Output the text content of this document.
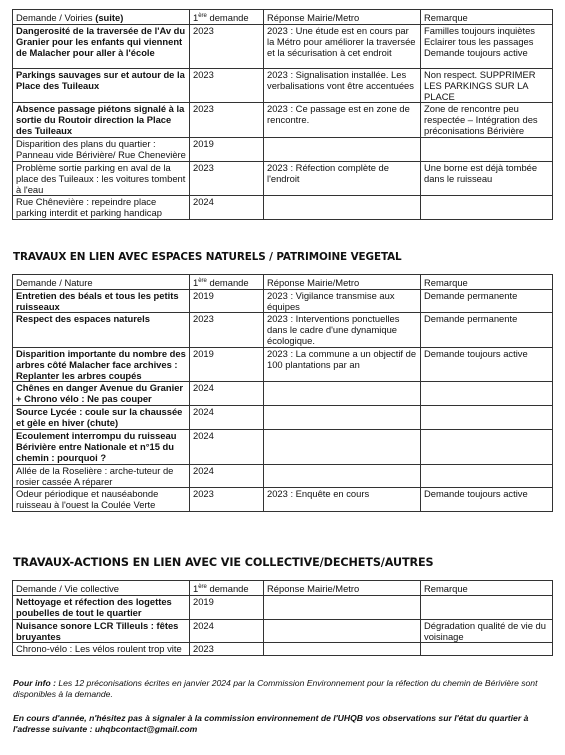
Demande / Voiries (suite)	1ère demande	Réponse Mairie/Metro	Remarque
Dangerosité de la traversée de l'Av du Granier pour les enfants qui viennent de Malacher pour aller à l'école	2023	2023 : Une étude est en cours par la Métro pour améliorer la traversée et la sécurisation à cet endroit	Familles toujours inquiètes Eclairer tous les passages Demande toujours active
Parkings sauvages sur et autour de la Place des Tuileaux	2023	2023 : Signalisation installée. Les verbalisations vont être accentuées	Non respect. SUPPRIMER LES PARKINGS SUR LA PLACE
Absence passage piétons signalé à la sortie du Routoir direction la Place des Tuileaux	2023	2023 : Ce passage est en zone de rencontre.	Zone de rencontre peu respectée – Intégration des préconisations Bérivière
Disparition des plans du quartier : Panneau vide Bérivière/ Rue Chenevière	2019		
Problème sortie parking en aval de la place des Tuileaux : les voitures tombent à l'eau	2023	2023 : Réfection complète de l'endroit	Une borne est déjà tombée dans le ruisseau
Rue Chênevière : repeindre place parking interdit et parking handicap	2024		
TRAVAUX EN LIEN AVEC ESPACES NATURELS / PATRIMOINE VEGETAL
Demande / Nature	1ère demande	Réponse Mairie/Metro	Remarque
Entretien des béals et tous les petits ruisseaux	2019	2023 : Vigilance transmise aux équipes	Demande permanente
Respect des espaces naturels	2023	2023 : Interventions ponctuelles dans le cadre d'une dynamique écologique.	Demande permanente
Disparition importante du nombre des arbres côté Malacher face archives : Replanter les arbres coupés	2019	2023 : La commune a un objectif de 100 plantations par an	Demande toujours active
Chênes en danger Avenue du Granier + Chrono vélo : Ne pas couper	2024		
Source Lycée : coule sur la chaussée et gèle en hiver (chute)	2024		
Ecoulement interrompu du ruisseau Bérivière entre Nationale et n°15 du chemin : pourquoi ?	2024		
Allée de la Roselière : arche-tuteur de rosier cassée A réparer	2024		
Odeur périodique et nauséabonde ruisseau à l'ouest la Coulée Verte	2023	2023 : Enquête en cours	Demande toujours active
TRAVAUX-ACTIONS EN LIEN AVEC VIE COLLECTIVE/DECHETS/AUTRES
Demande / Vie collective	1ère demande	Réponse Mairie/Metro	Remarque
Nettoyage et réfection des logettes poubelles de tout le quartier	2019		
Nuisance sonore LCR Tilleuls : fêtes bruyantes	2024		Dégradation qualité de vie du voisinage
Chrono-vélo : Les vélos roulent trop vite	2023		
Pour info : Les 12 préconisations écrites en janvier 2024 par la Commission Environnement pour la réfection du chemin de Bérivière sont disponibles à la demande.
En cours d'année, n'hésitez pas à signaler à la commission environnement de l'UHQB vos observations sur l'état du quartier à l'adresse suivante : uhqbcontact@gmail.com
